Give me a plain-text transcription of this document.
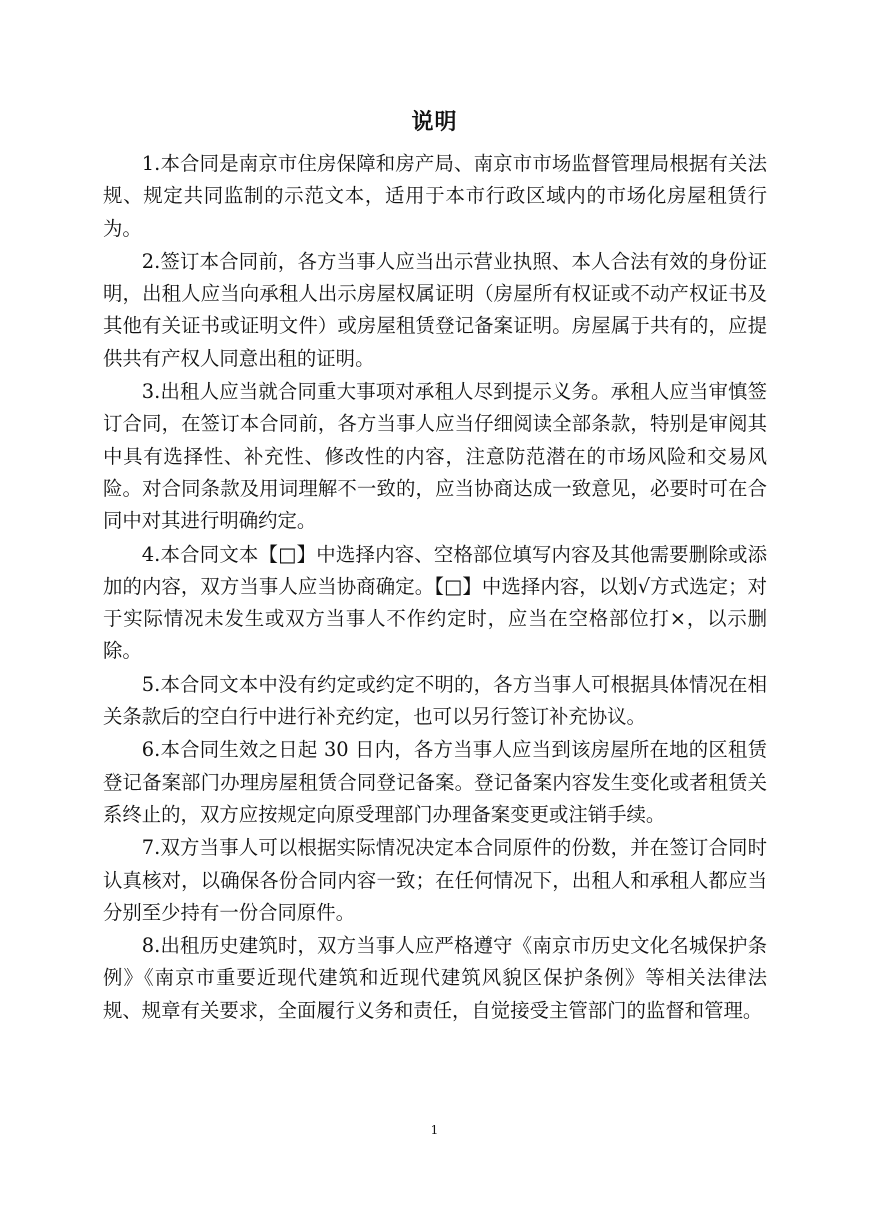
说明

1.本合同是南京市住房保障和房产局、南京市市场监督管理局根据有关法规、规定共同监制的示范文本，适用于本市行政区域内的市场化房屋租赁行为。

2.签订本合同前，各方当事人应当出示营业执照、本人合法有效的身份证明，出租人应当向承租人出示房屋权属证明（房屋所有权证或不动产权证书及其他有关证书或证明文件）或房屋租赁登记备案证明。房屋属于共有的，应提供共有产权人同意出租的证明。

3.出租人应当就合同重大事项对承租人尽到提示义务。承租人应当审慎签订合同，在签订本合同前，各方当事人应当仔细阅读全部条款，特别是审阅其中具有选择性、补充性、修改性的内容，注意防范潜在的市场风险和交易风险。对合同条款及用词理解不一致的，应当协商达成一致意见，必要时可在合同中对其进行明确约定。

4.本合同文本【□】中选择内容、空格部位填写内容及其他需要删除或添加的内容，双方当事人应当协商确定。【□】中选择内容，以划√方式选定；对于实际情况未发生或双方当事人不作约定时，应当在空格部位打×，以示删除。

5.本合同文本中没有约定或约定不明的，各方当事人可根据具体情况在相关条款后的空白行中进行补充约定，也可以另行签订补充协议。

6.本合同生效之日起 30 日内，各方当事人应当到该房屋所在地的区租赁登记备案部门办理房屋租赁合同登记备案。登记备案内容发生变化或者租赁关系终止的，双方应按规定向原受理部门办理备案变更或注销手续。

7.双方当事人可以根据实际情况决定本合同原件的份数，并在签订合同时认真核对，以确保各份合同内容一致；在任何情况下，出租人和承租人都应当分别至少持有一份合同原件。

8.出租历史建筑时，双方当事人应严格遵守《南京市历史文化名城保护条例》《南京市重要近现代建筑和近现代建筑风貌区保护条例》等相关法律法规、规章有关要求，全面履行义务和责任，自觉接受主管部门的监督和管理。

1
